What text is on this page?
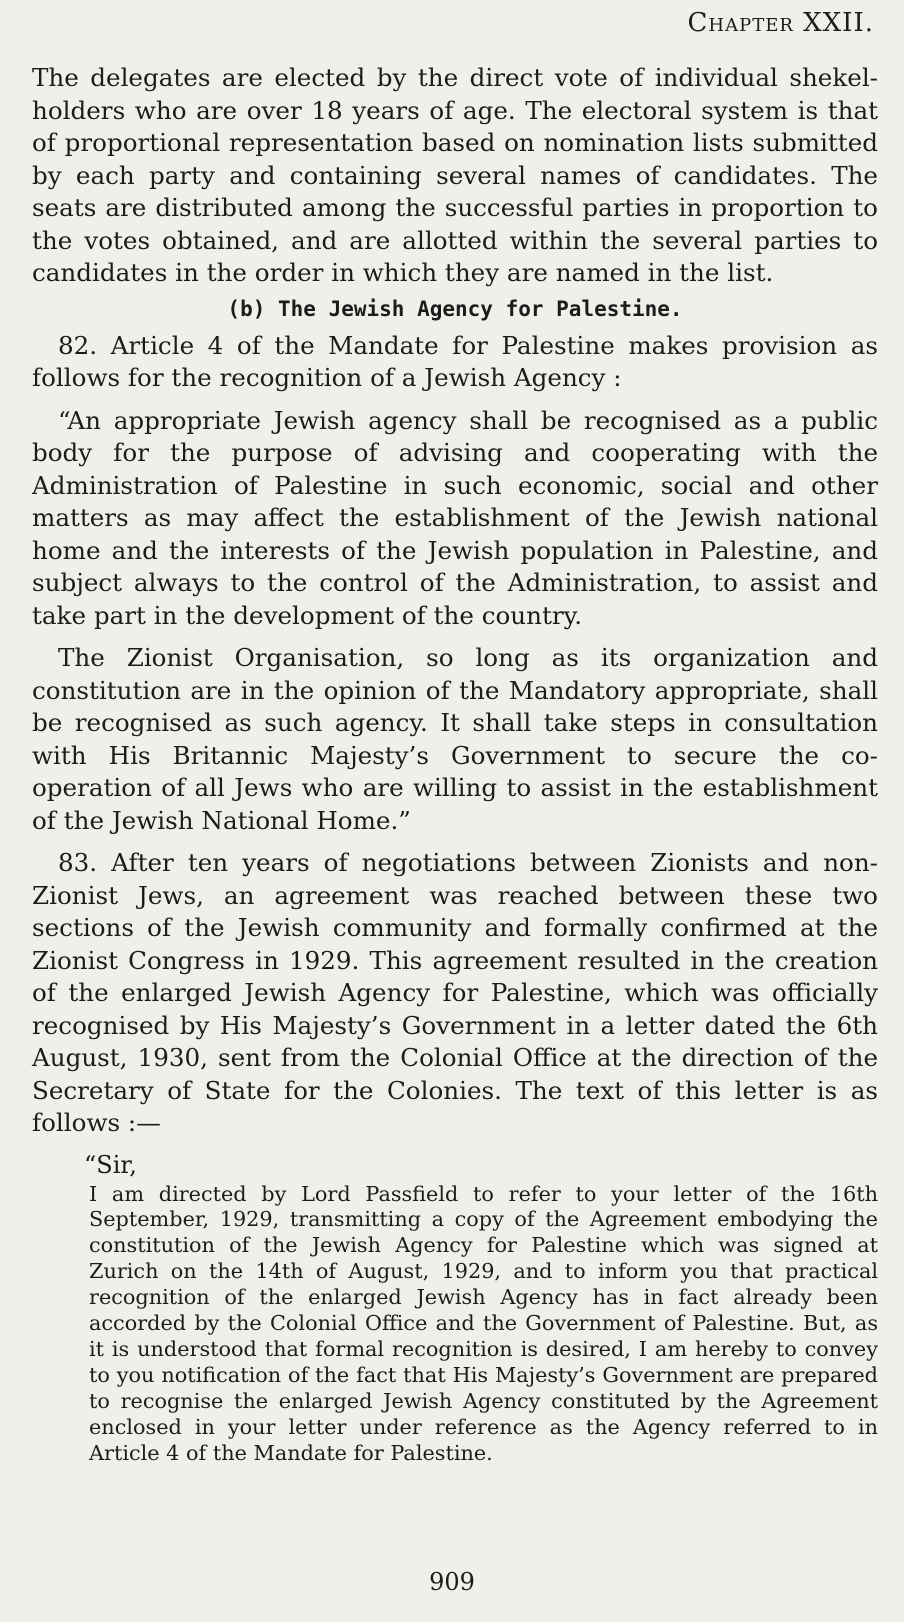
Chapter XXII.

The delegates are elected by the direct vote of individual shekel-holders who are over 18 years of age. The electoral system is that of proportional representation based on nomination lists submitted by each party and containing several names of candidates. The seats are distributed among the successful parties in proportion to the votes obtained, and are allotted within the several parties to candidates in the order in which they are named in the list.

(b) The Jewish Agency for Palestine.

82. Article 4 of the Mandate for Palestine makes provision as follows for the recognition of a Jewish Agency :

“An appropriate Jewish agency shall be recognised as a public body for the purpose of advising and cooperating with the Administration of Palestine in such economic, social and other matters as may affect the establishment of the Jewish national home and the interests of the Jewish population in Palestine, and subject always to the control of the Administration, to assist and take part in the development of the country.

The Zionist Organisation, so long as its organization and constitution are in the opinion of the Mandatory appropriate, shall be recognised as such agency. It shall take steps in consultation with His Britannic Majesty’s Government to secure the co-operation of all Jews who are willing to assist in the establishment of the Jewish National Home.”

83. After ten years of negotiations between Zionists and non-Zionist Jews, an agreement was reached between these two sections of the Jewish community and formally confirmed at the Zionist Congress in 1929. This agreement resulted in the creation of the enlarged Jewish Agency for Palestine, which was officially recognised by His Majesty’s Government in a letter dated the 6th August, 1930, sent from the Colonial Office at the direction of the Secretary of State for the Colonies. The text of this letter is as follows :—

“Sir,

I am directed by Lord Passfield to refer to your letter of the 16th September, 1929, transmitting a copy of the Agreement embodying the constitution of the Jewish Agency for Palestine which was signed at Zurich on the 14th of August, 1929, and to inform you that practical recognition of the enlarged Jewish Agency has in fact already been accorded by the Colonial Office and the Government of Palestine. But, as it is understood that formal recognition is desired, I am hereby to convey to you notification of the fact that His Majesty’s Government are prepared to recognise the enlarged Jewish Agency constituted by the Agreement enclosed in your letter under reference as the Agency referred to in Article 4 of the Mandate for Palestine.

909
